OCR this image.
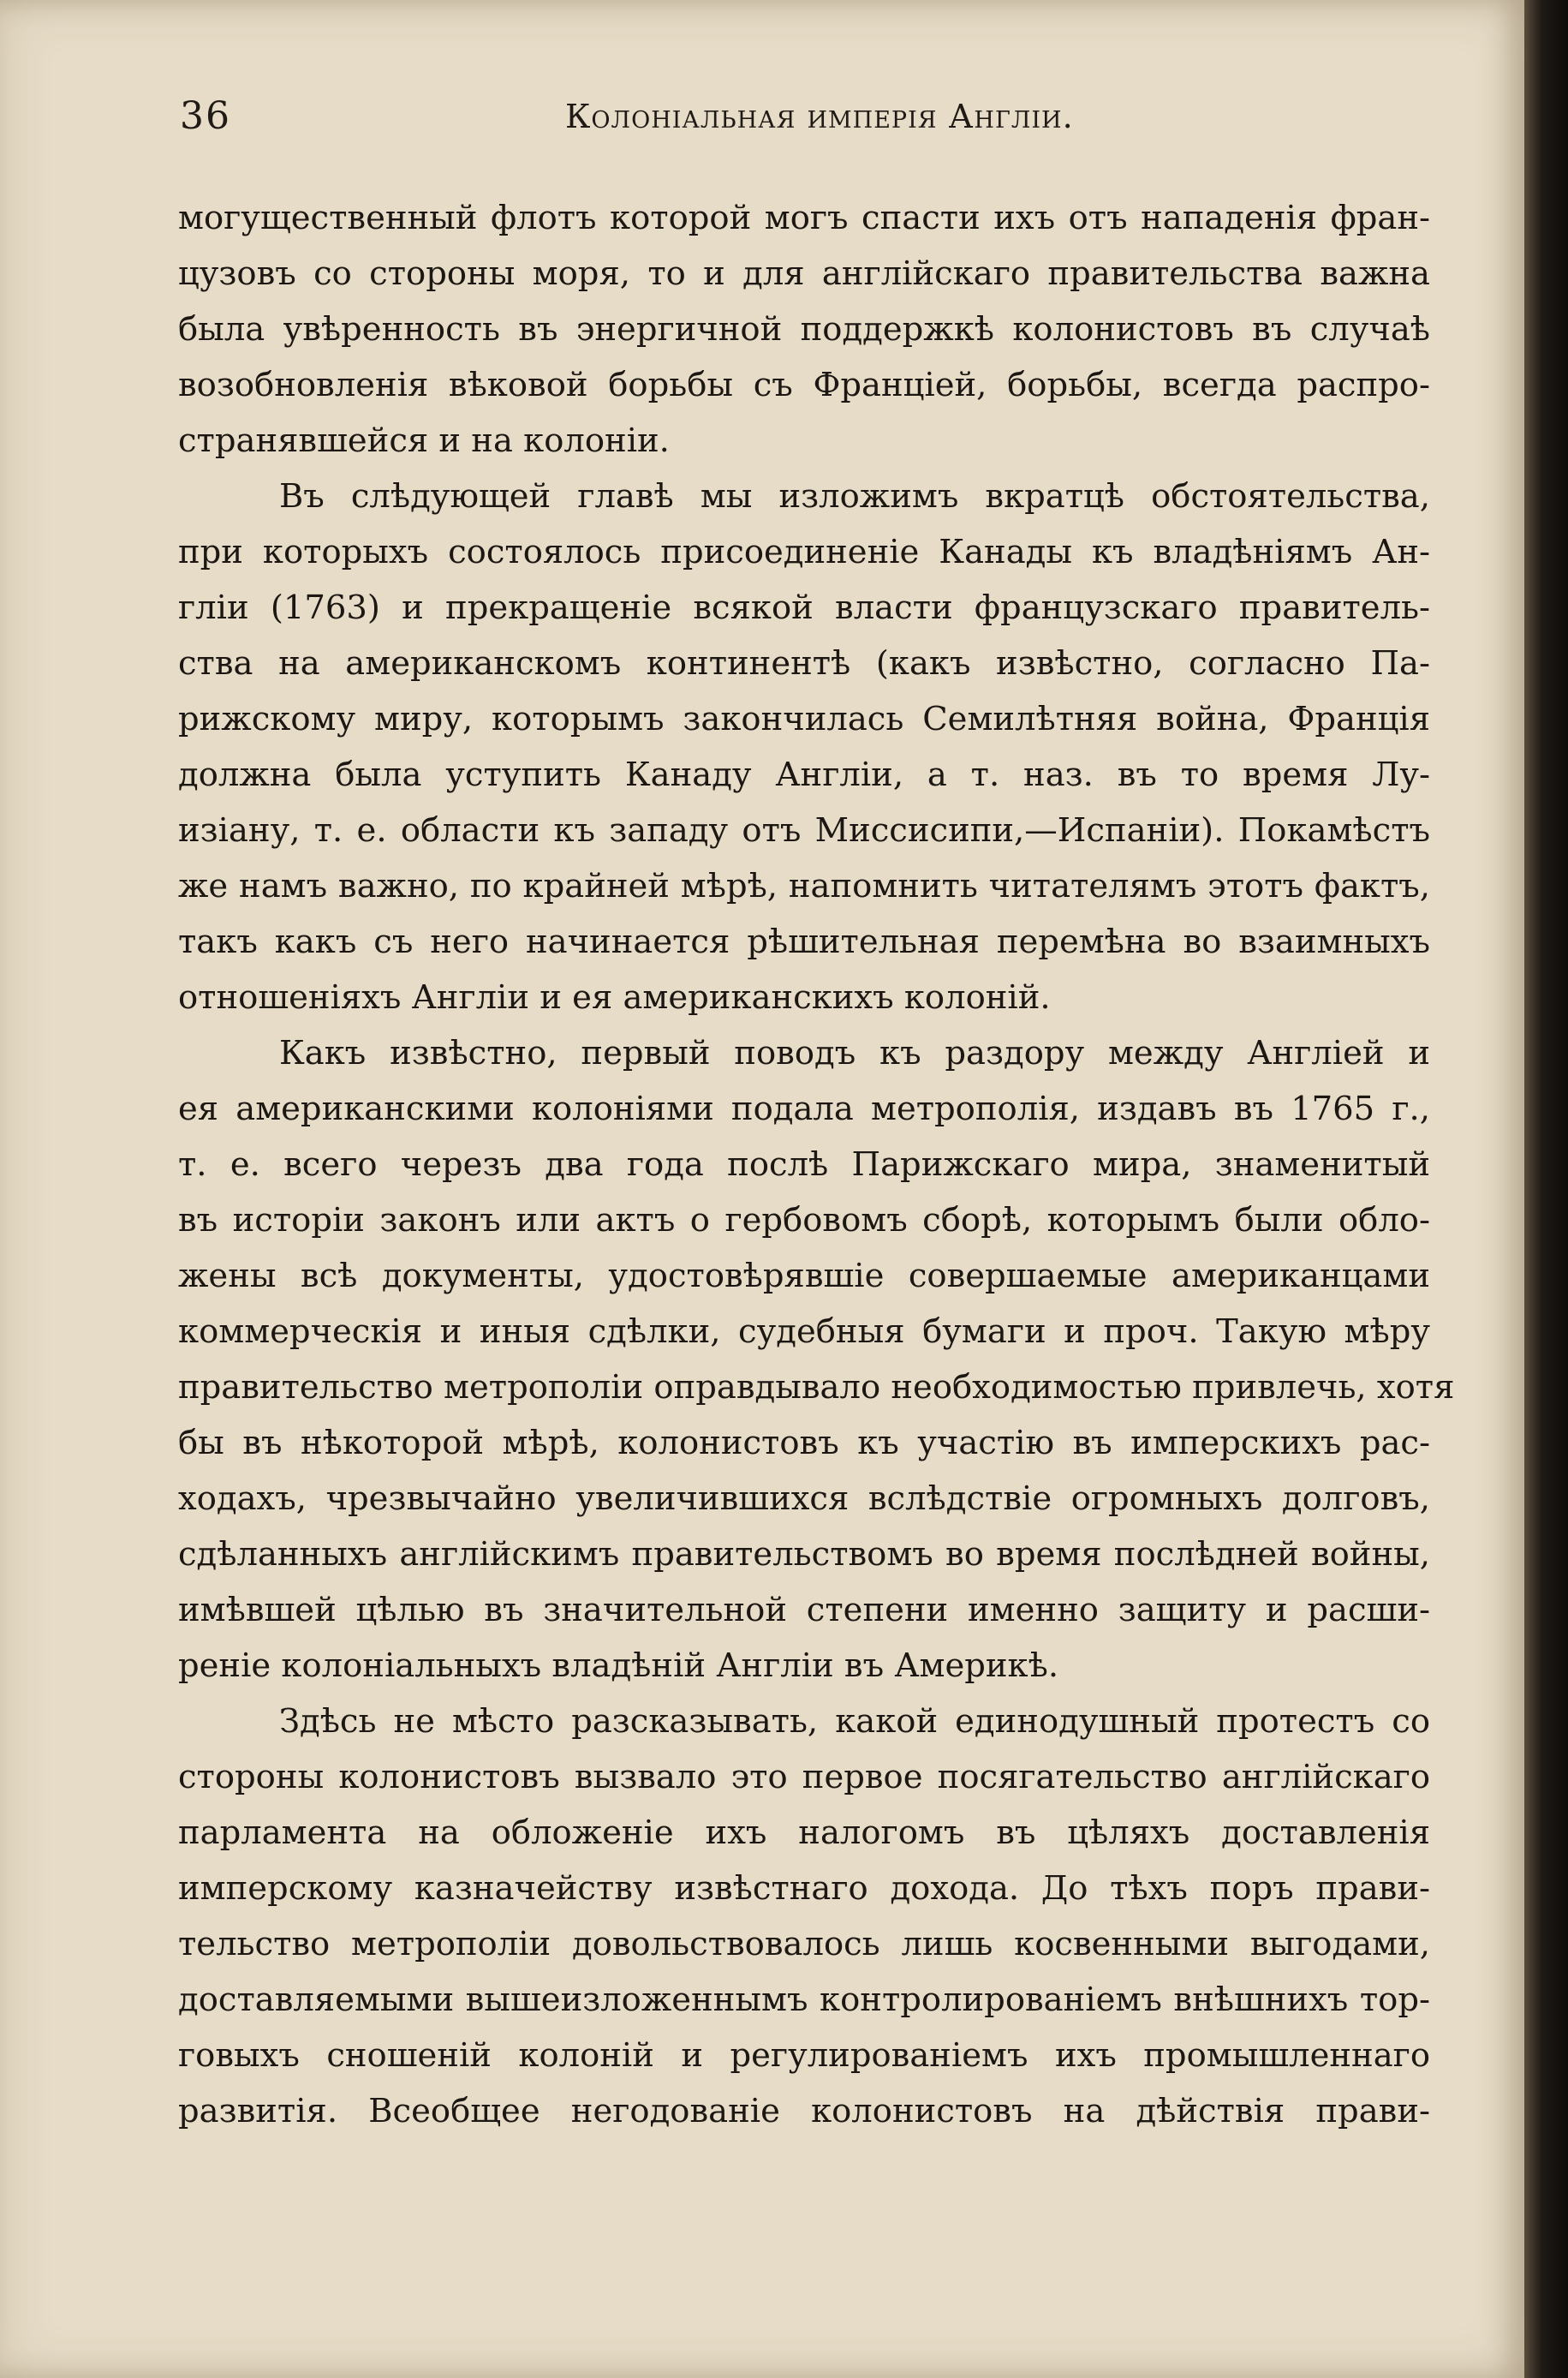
36	Колоніальная имперія Англіи.
могущественный флотъ которой могъ спасти ихъ отъ нападенія фран-
цузовъ со стороны моря, то и для англійскаго правительства важна
была увѣренность въ энергичной поддержкѣ колонистовъ въ случаѣ
возобновленія вѣковой борьбы съ Франціей, борьбы, всегда распро-
странявшейся и на колоніи.
Въ слѣдующей главѣ мы изложимъ вкратцѣ обстоятельства,
при которыхъ состоялось присоединеніе Канады къ владѣніямъ Ан-
гліи (1763) и прекращеніе всякой власти французскаго правитель-
ства на американскомъ континентѣ (какъ извѣстно, согласно Па-
рижскому миру, которымъ закончилась Семилѣтняя война, Франція
должна была уступить Канаду Англіи, а т. наз. въ то время Лу-
изіану, т. е. области къ западу отъ Миссисипи,—Испаніи). Покамѣстъ
же намъ важно, по крайней мѣрѣ, напомнить читателямъ этотъ фактъ,
такъ какъ съ него начинается рѣшительная перемѣна во взаимныхъ
отношеніяхъ Англіи и ея американскихъ колоній.
Какъ извѣстно, первый поводъ къ раздору между Англіей и
ея американскими колоніями подала метрополія, издавъ въ 1765 г.,
т. е. всего черезъ два года послѣ Парижскаго мира, знаменитый
въ исторіи законъ или актъ о гербовомъ сборѣ, которымъ были обло-
жены всѣ документы, удостовѣрявшіе совершаемые американцами
коммерческія и иныя сдѣлки, судебныя бумаги и проч. Такую мѣру
правительство метрополіи оправдывало необходимостью привлечь, хотя
бы въ нѣкоторой мѣрѣ, колонистовъ къ участію въ имперскихъ рас-
ходахъ, чрезвычайно увеличившихся вслѣдствіе огромныхъ долговъ,
сдѣланныхъ англійскимъ правительствомъ во время послѣдней войны,
имѣвшей цѣлью въ значительной степени именно защиту и расши-
реніе колоніальныхъ владѣній Англіи въ Америкѣ.
Здѣсь не мѣсто разсказывать, какой единодушный протестъ со
стороны колонистовъ вызвало это первое посягательство англійскаго
парламента на обложеніе ихъ налогомъ въ цѣляхъ доставленія
имперскому казначейству извѣстнаго дохода. До тѣхъ поръ прави-
тельство метрополіи довольствовалось лишь косвенными выгодами,
доставляемыми вышеизложеннымъ контролированіемъ внѣшнихъ тор-
говыхъ сношеній колоній и регулированіемъ ихъ промышленнаго
развитія. Всеобщее негодованіе колонистовъ на дѣйствія прави-
